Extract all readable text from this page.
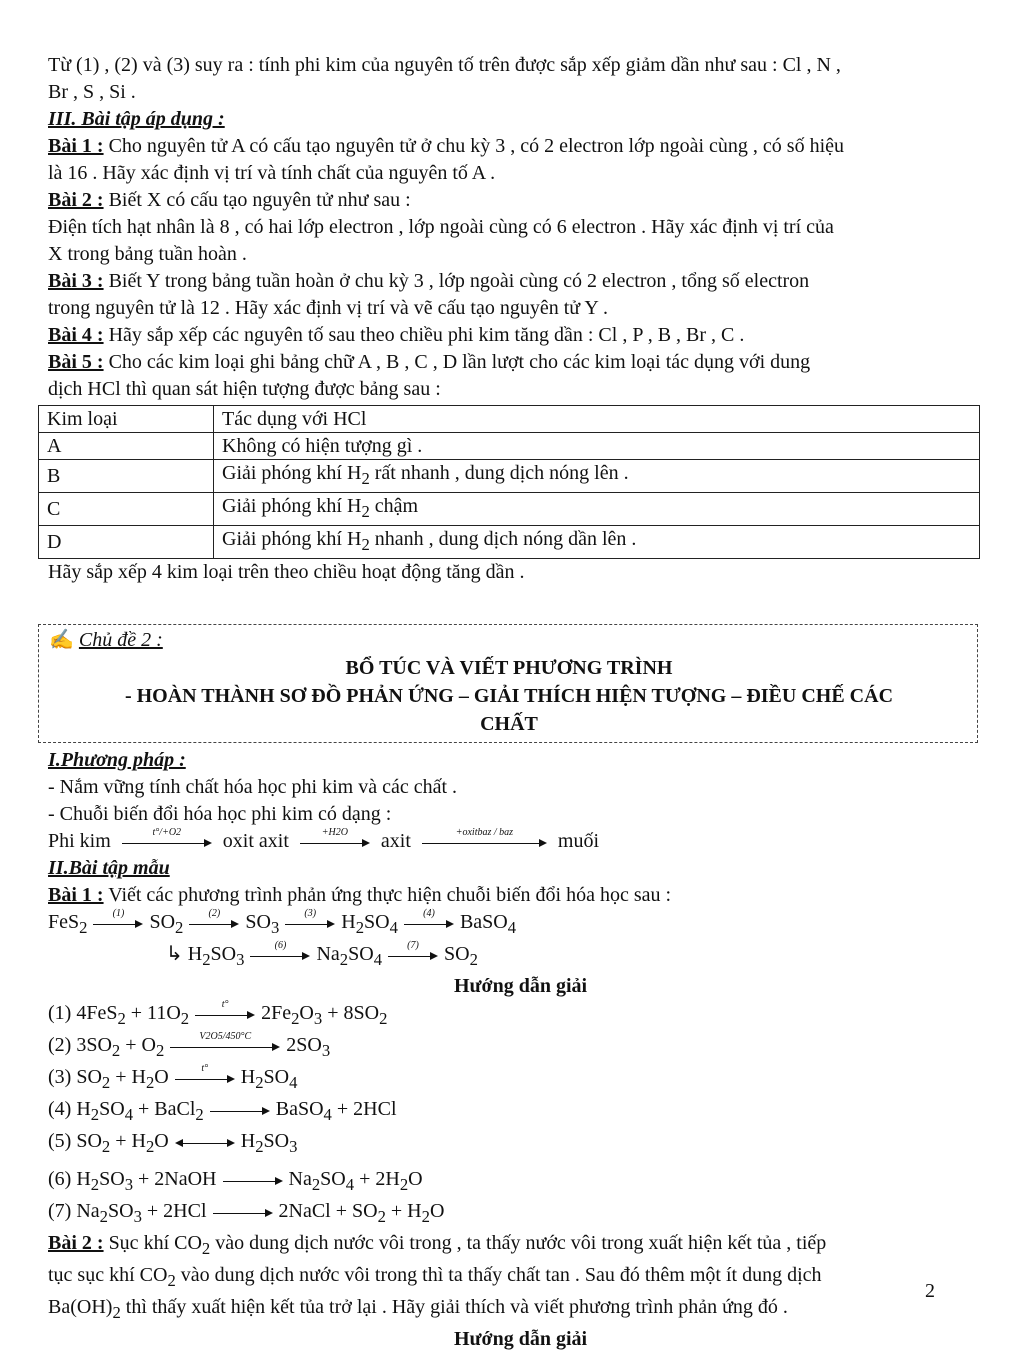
Từ (1) , (2) và (3) suy ra : tính phi kim của nguyên tố trên được sắp xếp giảm dần như sau : Cl , N ,

Br , S , Si .

III. Bài tập áp dụng :

Bài 1 : Cho nguyên tử A có cấu tạo nguyên tử ở chu kỳ 3 , có 2 electron lớp ngoài cùng , có số hiệu

là 16 . Hãy xác định vị trí và tính chất của nguyên tố A .

Bài 2 : Biết X có cấu tạo nguyên tử như sau :

Điện tích hạt nhân là 8 , có hai lớp electron , lớp ngoài cùng có 6 electron . Hãy xác định vị trí của

X trong bảng tuần hoàn .

Bài 3 : Biết Y trong bảng tuần hoàn ở chu kỳ 3 , lớp ngoài cùng có 2 electron , tổng số electron

trong nguyên tử là 12 . Hãy xác định vị trí và vẽ cấu tạo nguyên tử Y .

Bài 4 : Hãy sắp xếp các nguyên tố sau theo chiều phi kim tăng dần : Cl , P , B , Br , C .

Bài 5 : Cho các kim loại ghi bảng chữ A , B , C , D lần lượt cho các kim loại tác dụng với dung

dịch HCl thì quan sát hiện tượng được bảng sau :

Kim loại	Tác dụng với HCl
A	Không có hiện tượng gì .
B	Giải phóng khí $H_2$ rất nhanh , dung dịch nóng lên .
C	Giải phóng khí $H_2$ chậm
D	Giải phóng khí $H_2$ nhanh , dung dịch nóng dần lên .

Hãy sắp xếp 4 kim loại trên theo chiều hoạt động tăng dần .

✍ Chủ đề 2 :

BỔ TÚC VÀ VIẾT PHƯƠNG TRÌNH

- HOÀN THÀNH SƠ ĐỒ PHẢN ỨNG – GIẢI THÍCH HIỆN TƯỢNG – ĐIỀU CHẾ CÁC

CHẤT

I.Phương pháp :

- Nắm vững tính chất hóa học phi kim và các chất .

- Chuỗi biến đổi hóa học phi kim có dạng :

Phi kim	t°/+O2	oxit axit	+H2O	axit	+oxitbaz / baz	muối

II.Bài tập mẫu

Bài 1 : Viết các phương trình phản ứng thực hiện chuỗi biến đổi hóa học sau :

FeS$_2$
(1)	$SO_2$
(2)	$SO_3$
(3)	$H_2SO_4$
(4)	BaSO$_4$

↳ $H_2SO_3$
(6)	$Na_2SO_4$
(7)	$SO_2$

Hướng dẫn giải

(1) $4FeS_2 + 11O_2$
t°	$2Fe_2O_3 + 8SO_2$

(2) $3SO_2 + O_2$
V2O5/450°C	$2SO_3$

(3) $SO_2 + H_2O$	t°	$H_2SO_4$

(4) $H_2SO_4$ + BaCl$_2$	BaSO$_4$ + 2HCl

(5) $SO_2 + H_2O$	$H_2SO_3$

(6) $H_2SO_3$ + 2NaOH	$Na_2SO_4 + 2H_2O$

(7) $Na_2SO_3 + 2HCl$	2NaCl + $SO_2 + H_2O$

Bài 2 : Sục khí $CO_2$ vào dung dịch nước vôi trong , ta thấy nước vôi trong xuất hiện kết tủa , tiếp

tục sục khí $CO_2$ vào dung dịch nước vôi trong thì ta thấy chất tan . Sau đó thêm một ít dung dịch

$Ba(OH)_2$ thì thấy xuất hiện kết tủa trở lại . Hãy giải thích và viết phương trình phản ứng đó .

Hướng dẫn giải

2
